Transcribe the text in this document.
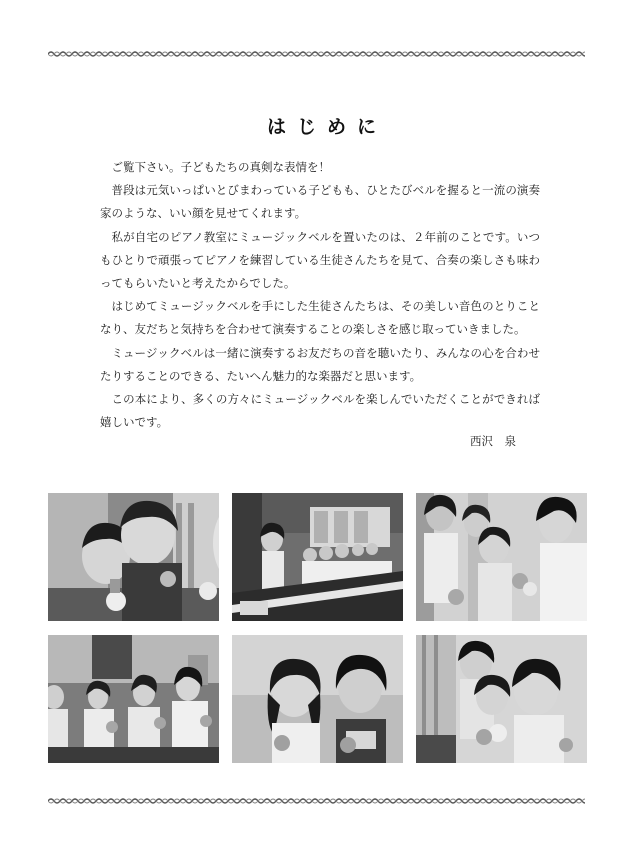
はじめに

ご覧下さい。子どもたちの真剣な表情を！

普段は元気いっぱいとびまわっている子どもも、ひとたびベルを握ると一流の演奏家のような、いい顔を見せてくれます。

私が自宅のピアノ教室にミュージックベルを置いたのは、２年前のことです。いつもひとりで頑張ってピアノを練習している生徒さんたちを見て、合奏の楽しさも味わってもらいたいと考えたからでした。

はじめてミュージックベルを手にした生徒さんたちは、その美しい音色のとりことなり、友だちと気持ちを合わせて演奏することの楽しさを感じ取っていきました。

ミュージックベルは一緒に演奏するお友だちの音を聴いたり、みんなの心を合わせたりすることのできる、たいへん魅力的な楽器だと思います。

この本により、多くの方々にミュージックベルを楽しんでいただくことができれば嬉しいです。

西沢　泉
